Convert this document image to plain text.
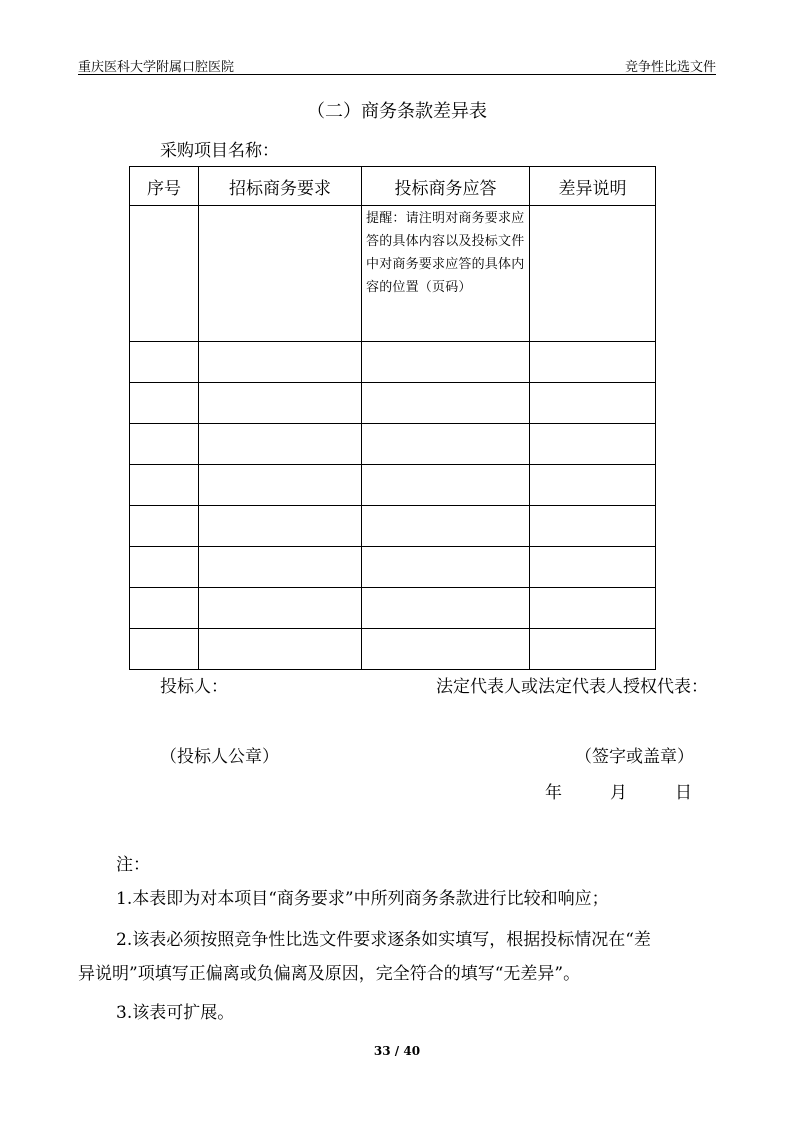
重庆医科大学附属口腔医院	竞争性比选文件
（二）商务条款差异表
采购项目名称：
序号	招标商务要求	投标商务应答	差异说明
		提醒：请注明对商务要求应答的具体内容以及投标文件中对商务要求应答的具体内容的位置（页码）	

投标人：	法定代表人或法定代表人授权代表：
（投标人公章）	（签字或盖章）
年	月	日
注：
1.本表即为对本项目“商务要求”中所列商务条款进行比较和响应；
2.该表必须按照竞争性比选文件要求逐条如实填写，根据投标情况在“差
异说明”项填写正偏离或负偏离及原因，完全符合的填写“无差异”。
3.该表可扩展。
33 / 40
